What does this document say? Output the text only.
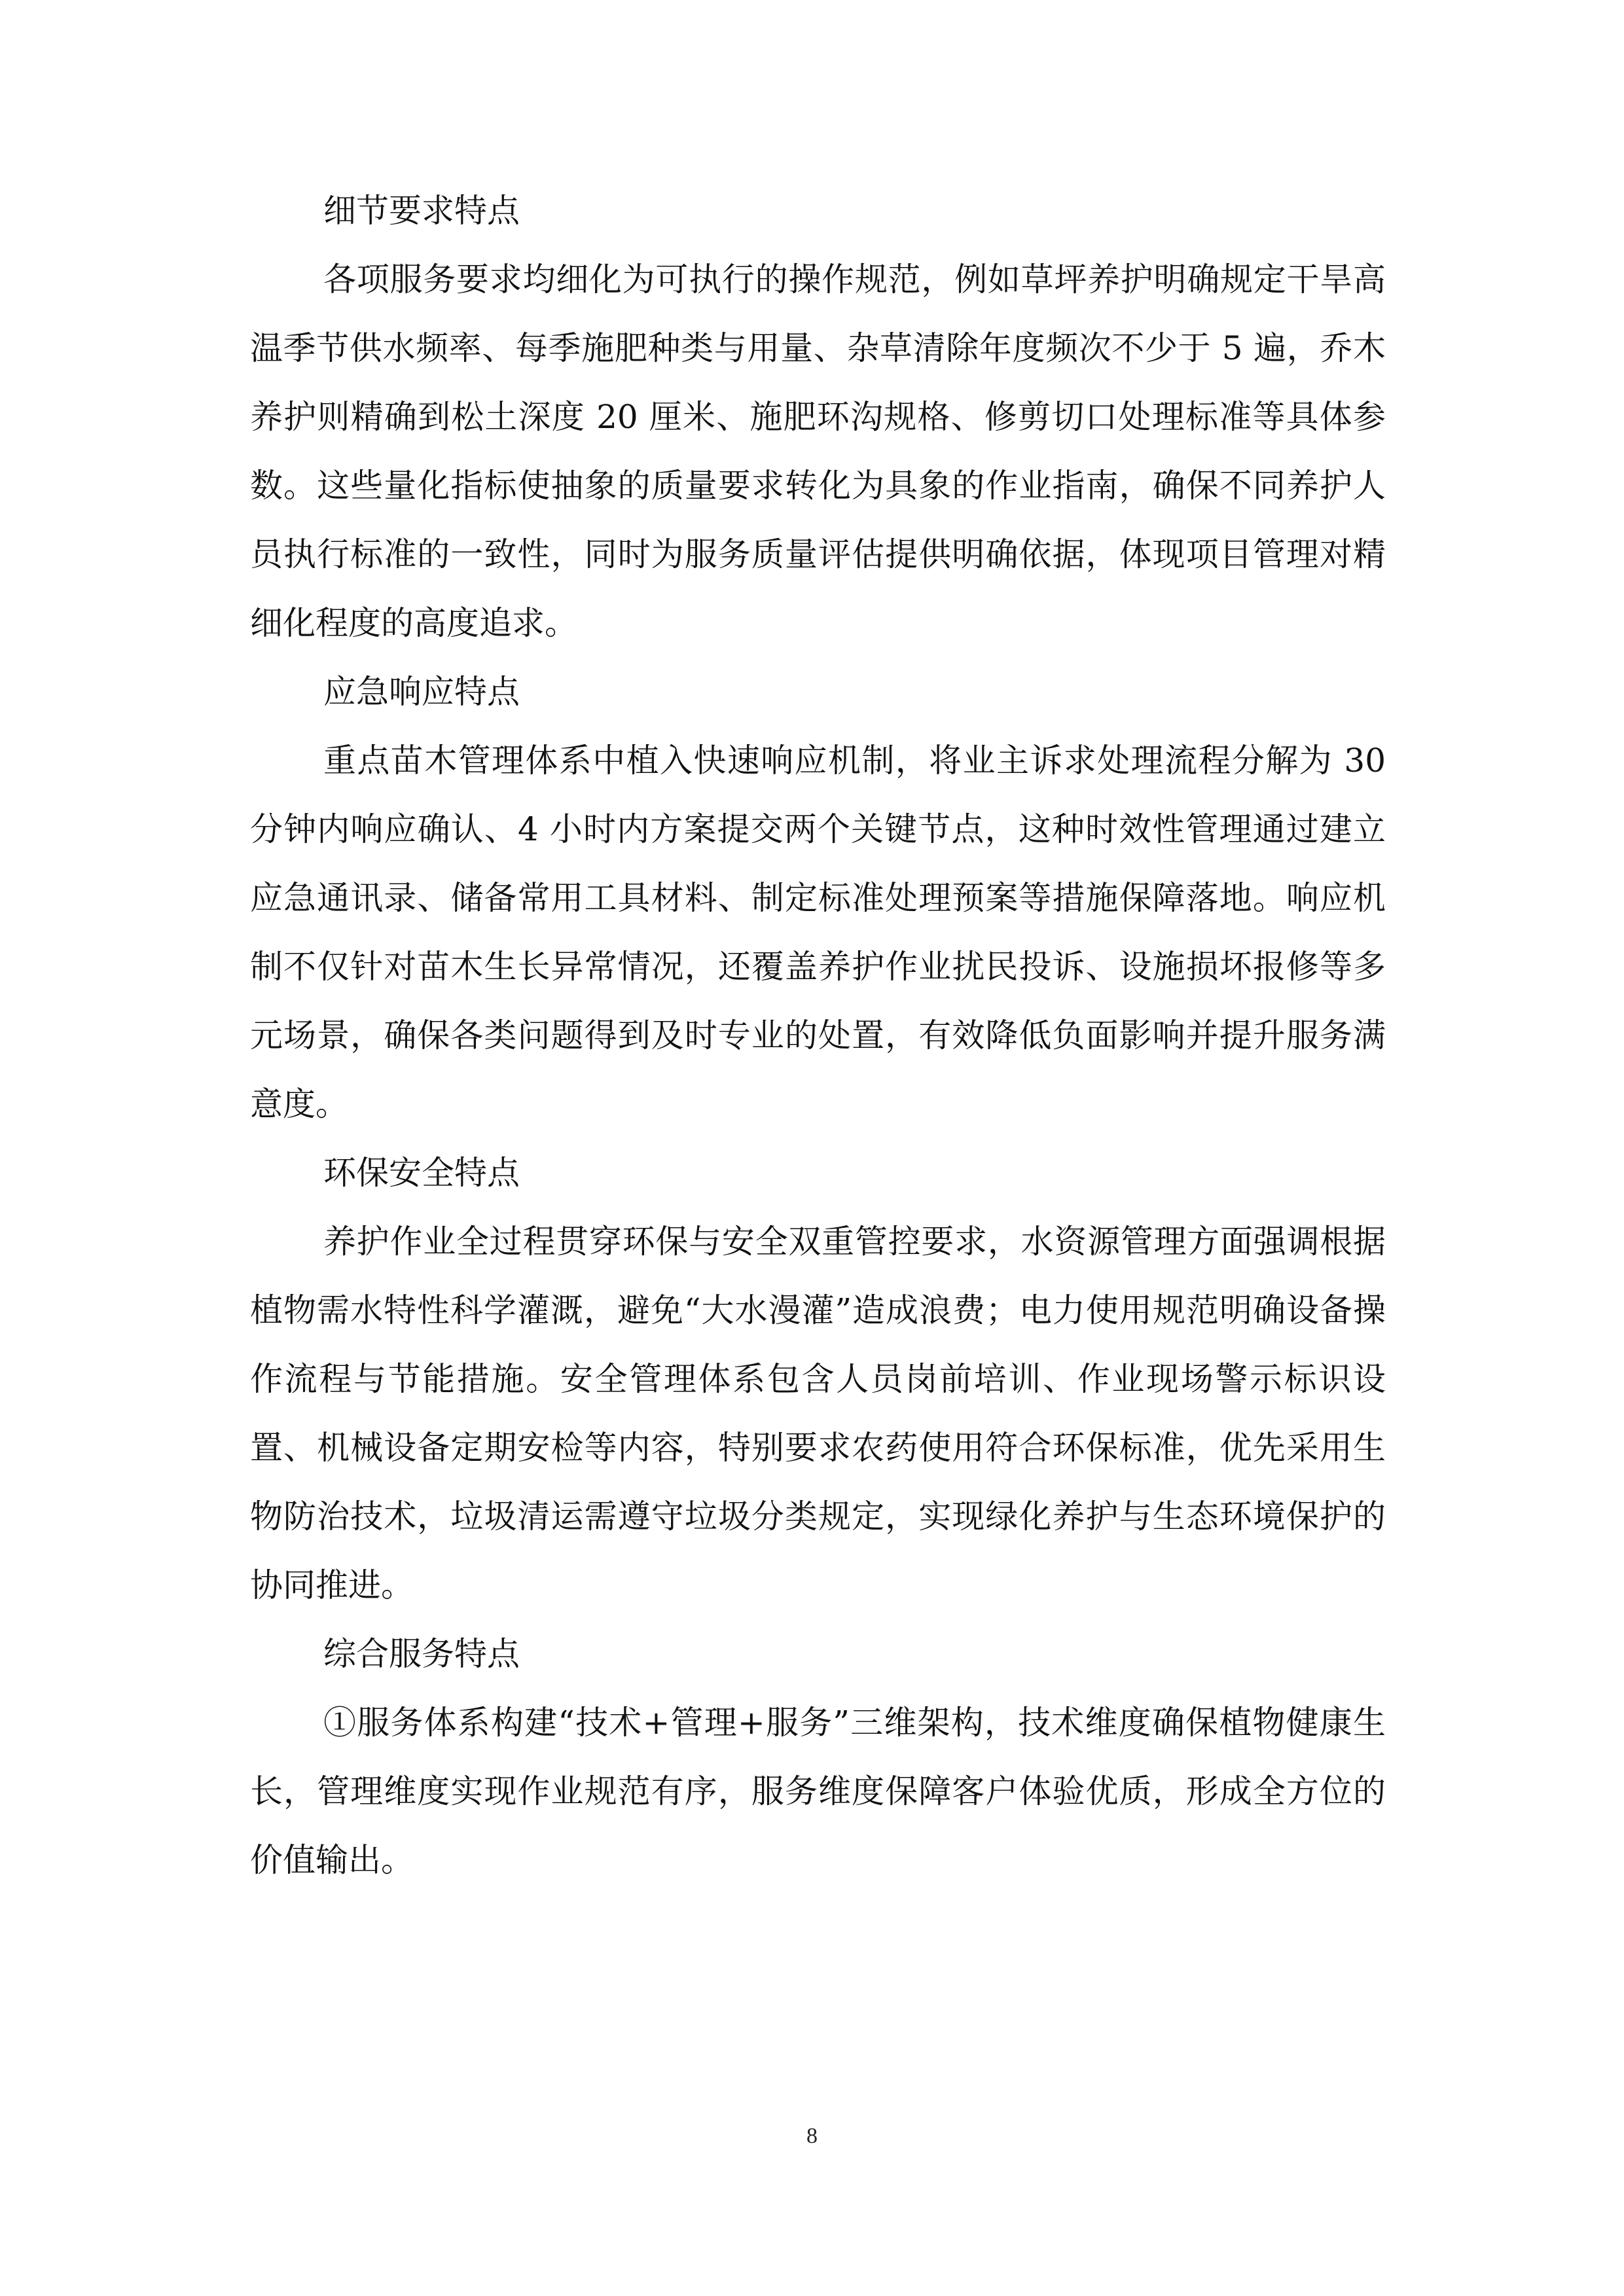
细节要求特点

各项服务要求均细化为可执行的操作规范，例如草坪养护明确规定干旱高温季节供水频率、每季施肥种类与用量、杂草清除年度频次不少于 5 遍，乔木养护则精确到松土深度 20 厘米、施肥环沟规格、修剪切口处理标准等具体参数。这些量化指标使抽象的质量要求转化为具象的作业指南，确保不同养护人员执行标准的一致性，同时为服务质量评估提供明确依据，体现项目管理对精细化程度的高度追求。

应急响应特点

重点苗木管理体系中植入快速响应机制，将业主诉求处理流程分解为 30 分钟内响应确认、4 小时内方案提交两个关键节点，这种时效性管理通过建立应急通讯录、储备常用工具材料、制定标准处理预案等措施保障落地。响应机制不仅针对苗木生长异常情况，还覆盖养护作业扰民投诉、设施损坏报修等多元场景，确保各类问题得到及时专业的处置，有效降低负面影响并提升服务满意度。

环保安全特点

养护作业全过程贯穿环保与安全双重管控要求，水资源管理方面强调根据植物需水特性科学灌溉，避免“大水漫灌”造成浪费；电力使用规范明确设备操作流程与节能措施。安全管理体系包含人员岗前培训、作业现场警示标识设置、机械设备定期安检等内容，特别要求农药使用符合环保标准，优先采用生物防治技术，垃圾清运需遵守垃圾分类规定，实现绿化养护与生态环境保护的协同推进。

综合服务特点

①服务体系构建“技术+管理+服务”三维架构，技术维度确保植物健康生长，管理维度实现作业规范有序，服务维度保障客户体验优质，形成全方位的价值输出。

8
